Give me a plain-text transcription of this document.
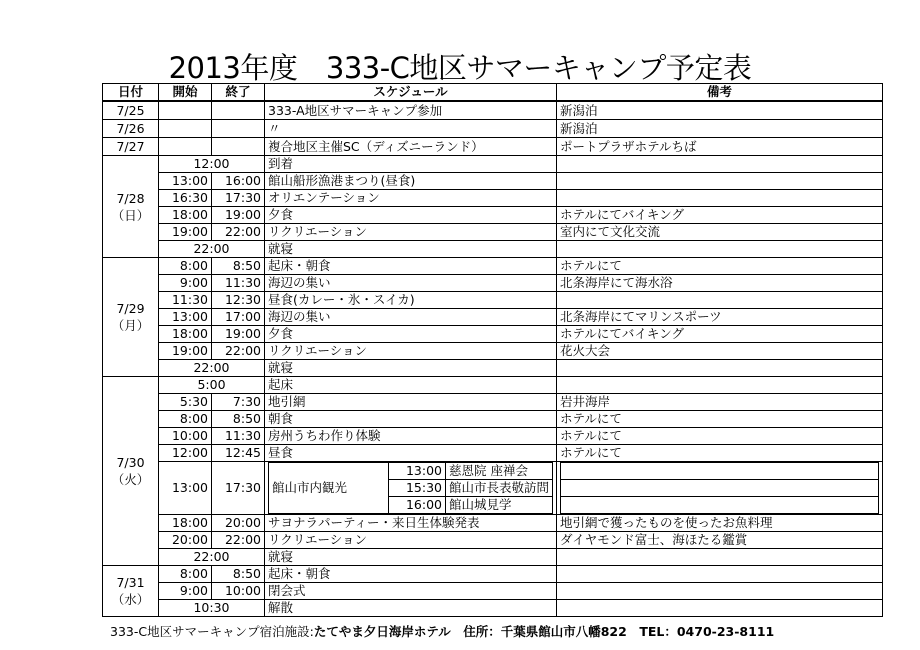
2013年度　333-C地区サマーキャンプ予定表
日付	開始	終了	スケジュール	備考
7/25			333-A地区サマーキャンプ参加	新潟泊
7/26			〃	新潟泊
7/27			複合地区主催SC（ディズニーランド）	ポートプラザホテルちば

7/28
（日）
	12:00	到着	
13:00	16:00	館山船形漁港まつり(昼食)	
16:30	17:30	オリエンテーション	
18:00	19:00	夕食	ホテルにてバイキング
19:00	22:00	リクリエーション	室内にて文化交流
22:00	就寝	

7/29
（月）
	8:00	8:50	起床・朝食	ホテルにて
9:00	11:30	海辺の集い	北条海岸にて海水浴
11:30	12:30	昼食(カレー・氷・スイカ)	
13:00	17:00	海辺の集い	北条海岸にてマリンスポーツ
18:00	19:00	夕食	ホテルにてバイキング
19:00	22:00	リクリエーション	花火大会
22:00	就寝	

7/30
（火）
	5:00	起床	
5:30	7:30	地引網	岩井海岸
8:00	8:50	朝食	ホテルにて
10:00	11:30	房州うちわ作り体験	ホテルにて
12:00	12:45	昼食	ホテルにて
13:00	17:30	館山市内観光	13:00	慈恩院 座禅会
15:30	館山市長表敬訪問
16:00	館山城見学

18:00	20:00	サヨナラパーティー・来日生体験発表	地引網で獲ったものを使ったお魚料理
20:00	22:00	リクリエーション	ダイヤモンド富士、海ほたる鑑賞
22:00	就寝	

7/31
（水）
	8:00	8:50	起床・朝食	
9:00	10:00	閉会式	
10:30	解散	
333-C地区サマーキャンプ宿泊施設:たてやま夕日海岸ホテル　 住所：千葉県館山市八幡822　 TEL：0470-23-8111
